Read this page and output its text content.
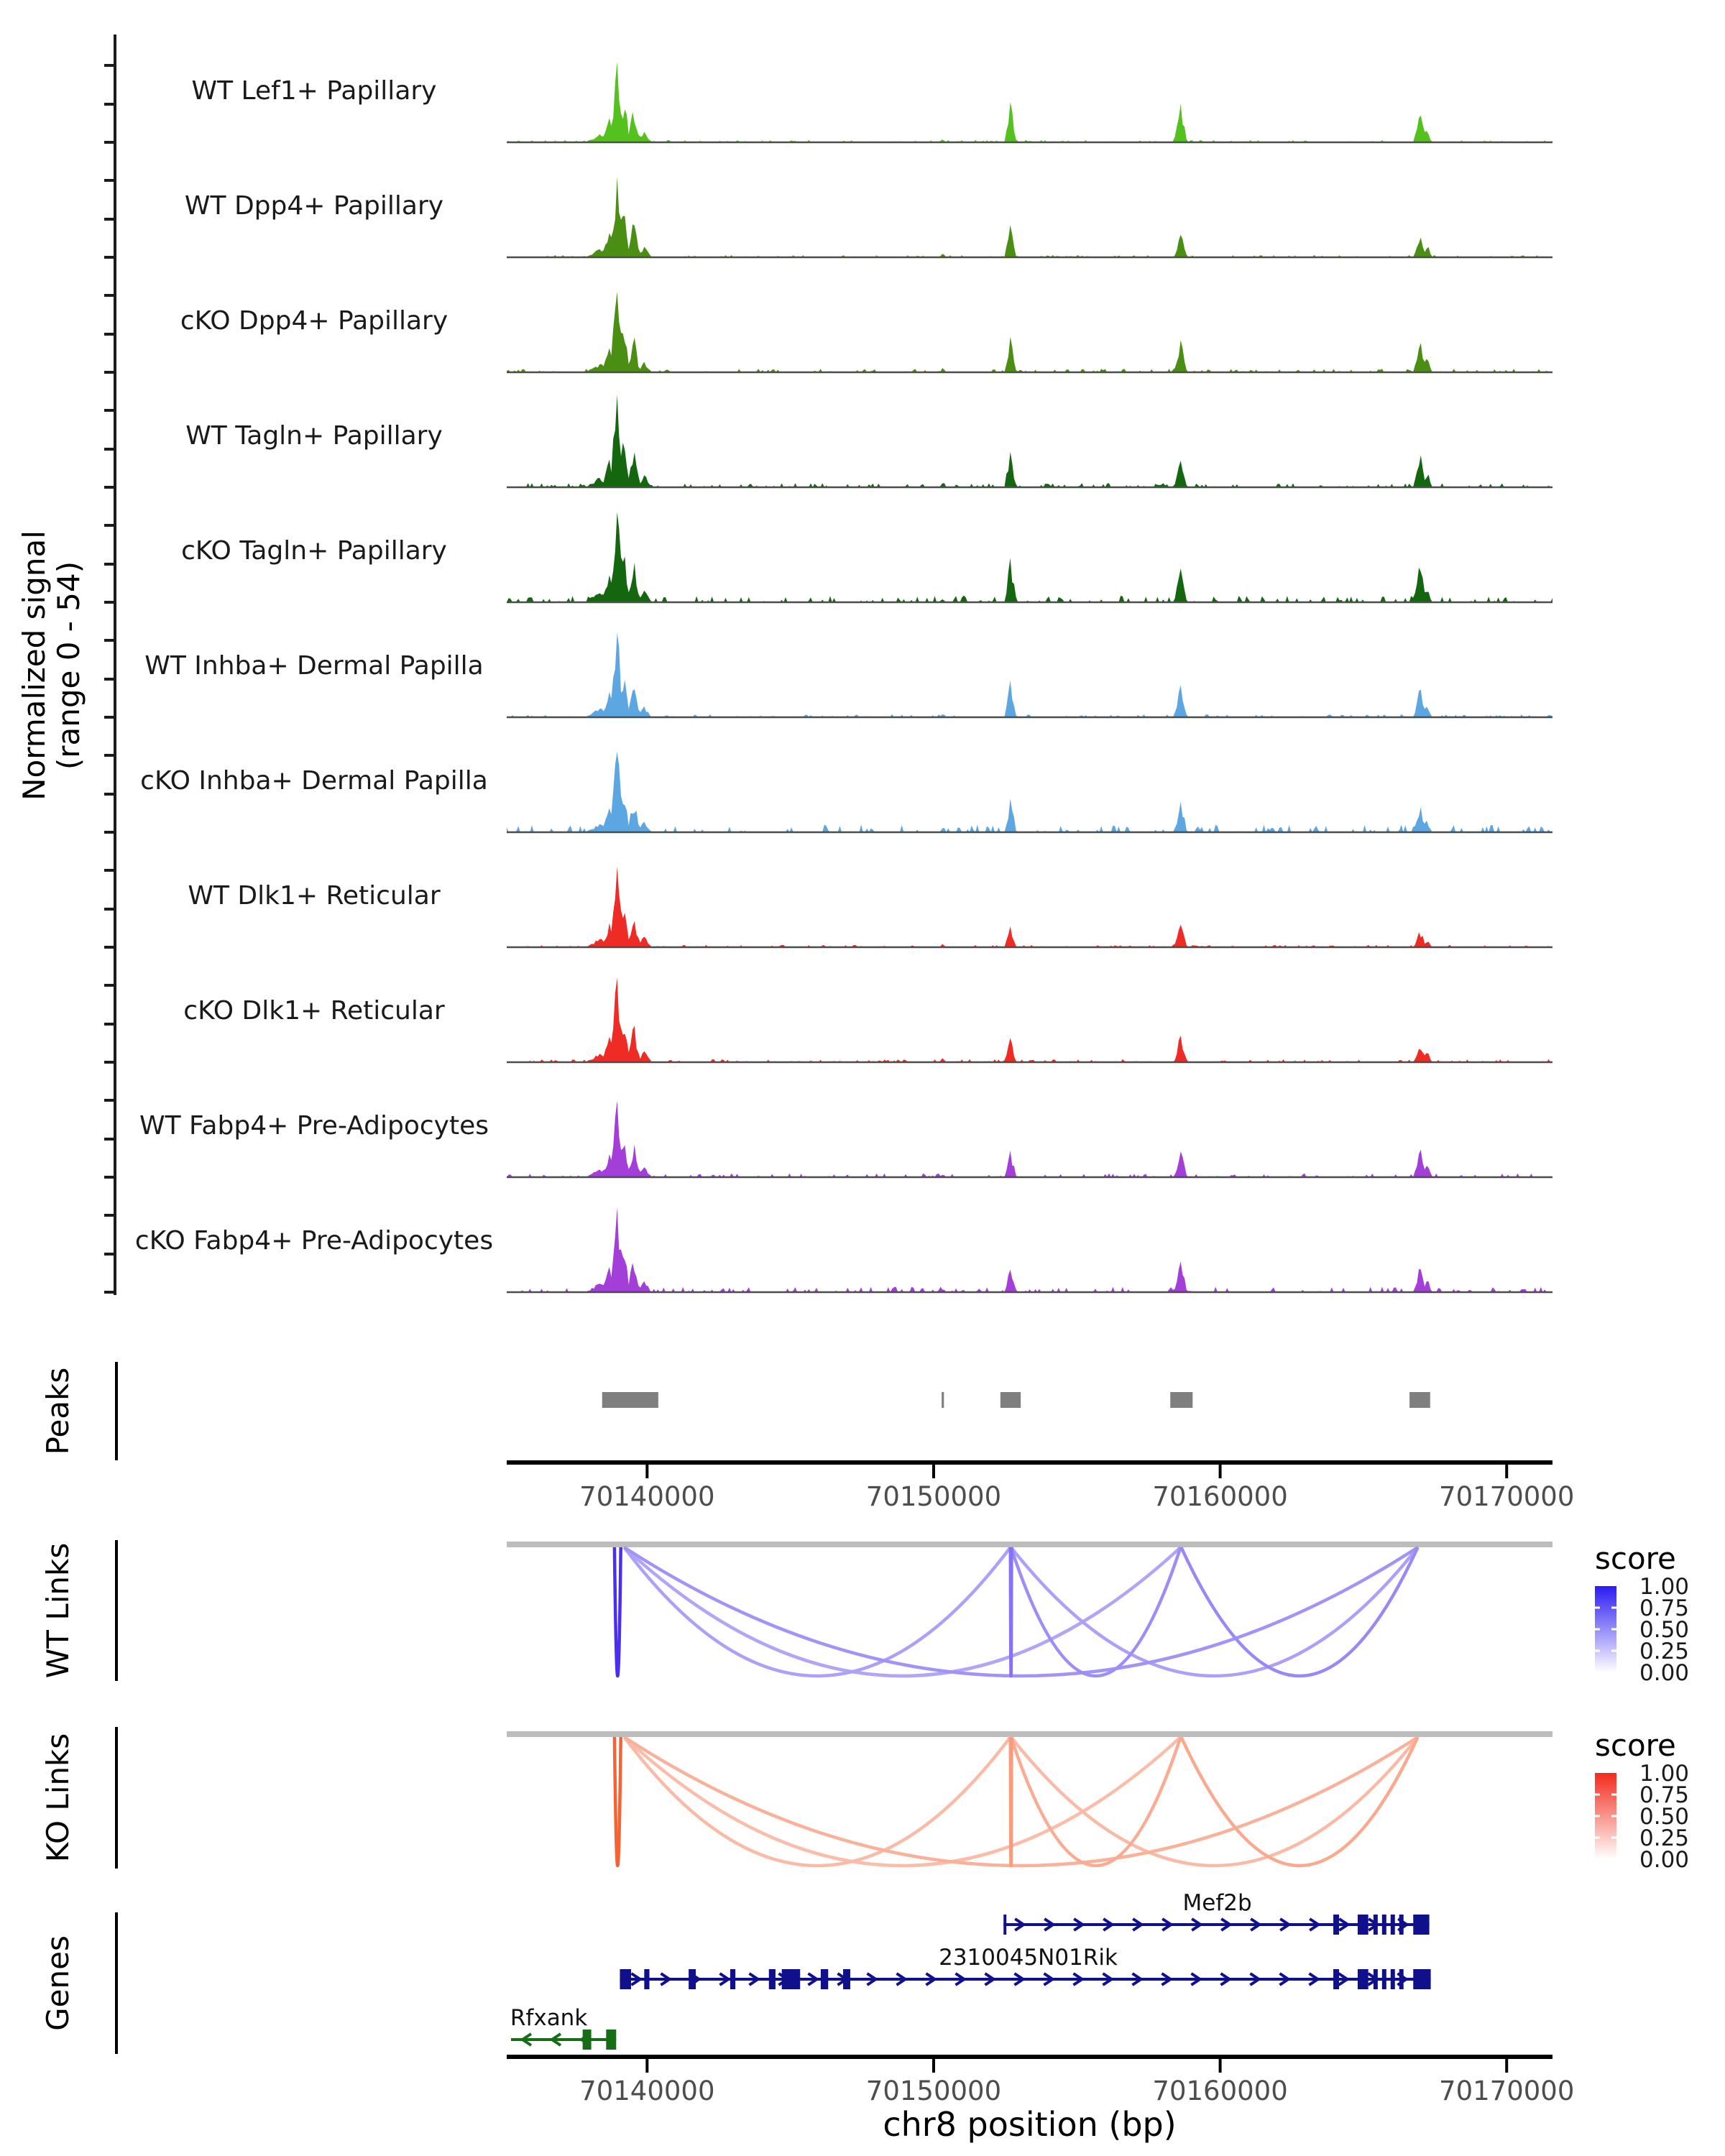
WT Lef1+ Papillary
WT Dpp4+ Papillary
cKO Dpp4+ Papillary
WT Tagln+ Papillary
cKO Tagln+ Papillary
WT Inhba+ Dermal Papilla
cKO Inhba+ Dermal Papilla
WT Dlk1+ Reticular
cKO Dlk1+ Reticular
WT Fabp4+ Pre-Adipocytes
cKO Fabp4+ Pre-Adipocytes
Normalized signal (range 0 - 54)
Peaks
70140000	70150000	70160000	70170000
WT Links	score
1.00
0.75
0.50
0.25
0.00
KO Links	score
1.00
0.75
0.50
0.25
0.00
Genes
Mef2b
2310045N01Rik
Rfxank
70140000	70150000	70160000	70170000
chr8 position (bp)
